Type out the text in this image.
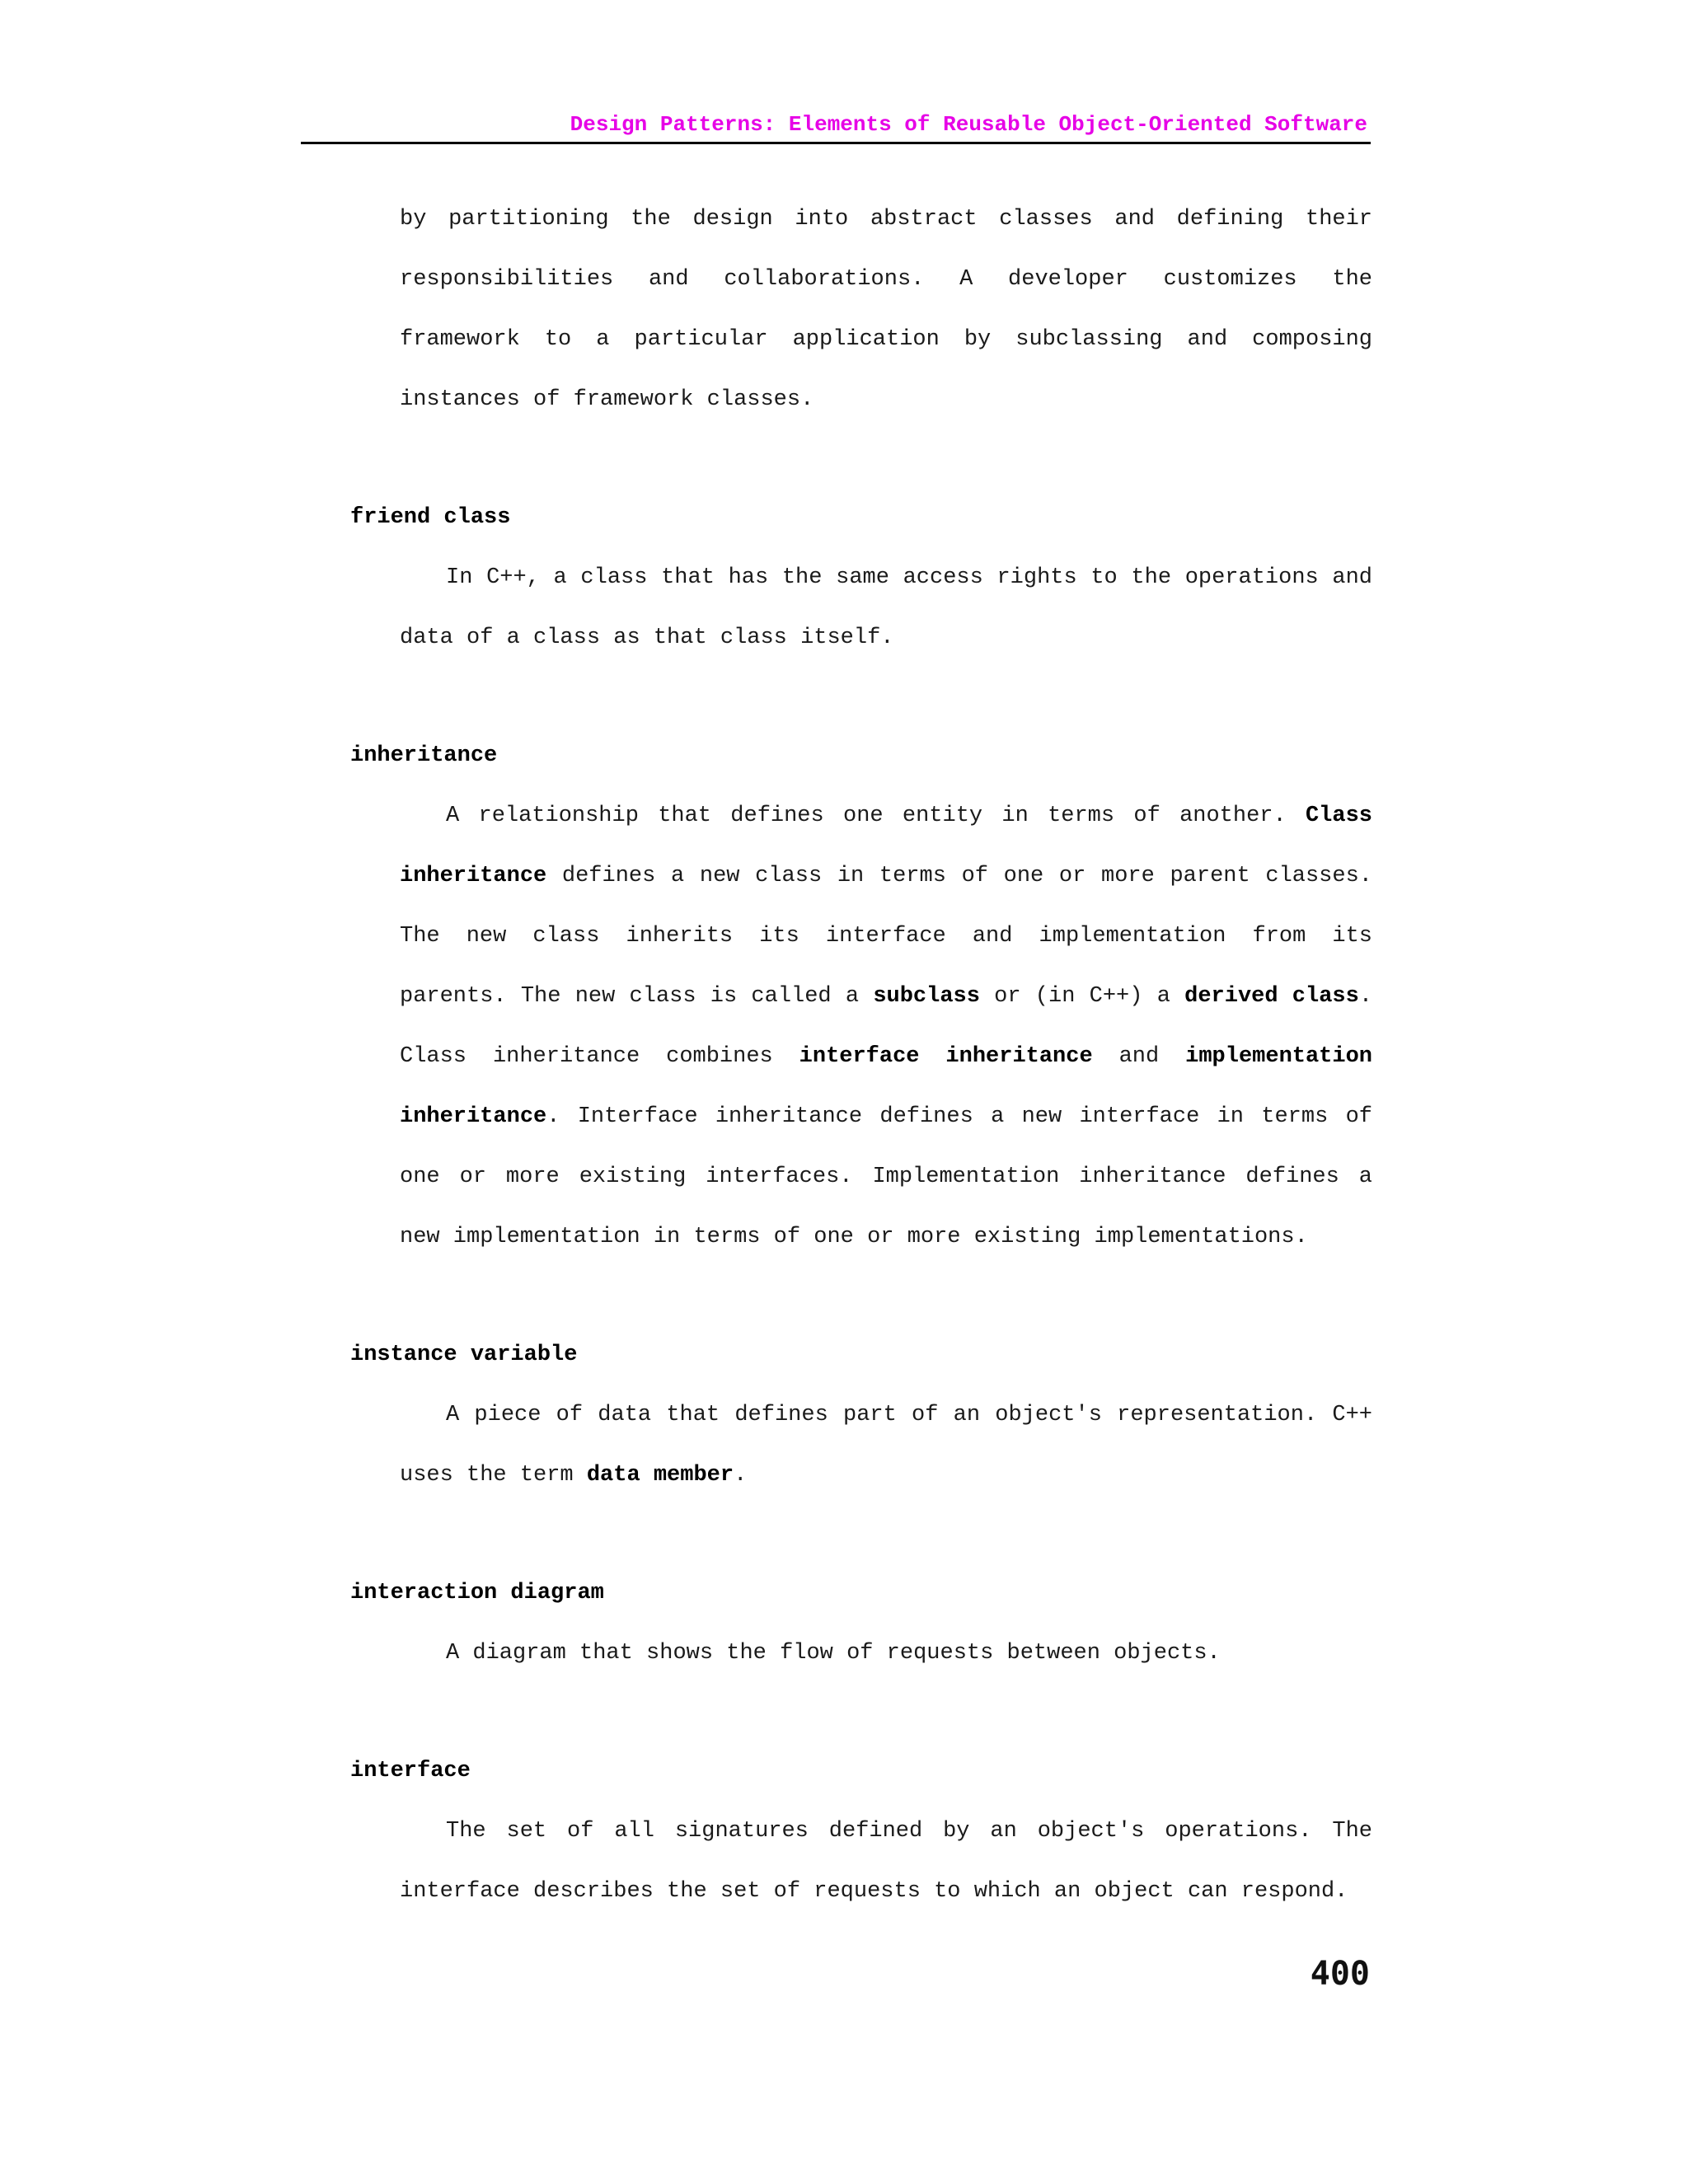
Design Patterns: Elements of Reusable Object-Oriented Software

by partitioning the design into abstract classes and defining their responsibilities and collaborations. A developer customizes the framework to a particular application by subclassing and composing instances of framework classes.

friend class

In C++, a class that has the same access rights to the operations and data of a class as that class itself.

inheritance

A relationship that defines one entity in terms of another. Class inheritance defines a new class in terms of one or more parent classes. The new class inherits its interface and implementation from its parents. The new class is called a subclass or (in C++) a derived class. Class inheritance combines interface inheritance and implementation inheritance. Interface inheritance defines a new interface in terms of one or more existing interfaces. Implementation inheritance defines a new implementation in terms of one or more existing implementations.

instance variable

A piece of data that defines part of an object's representation. C++ uses the term data member.

interaction diagram

A diagram that shows the flow of requests between objects.

interface

The set of all signatures defined by an object's operations. The interface describes the set of requests to which an object can respond.

400
